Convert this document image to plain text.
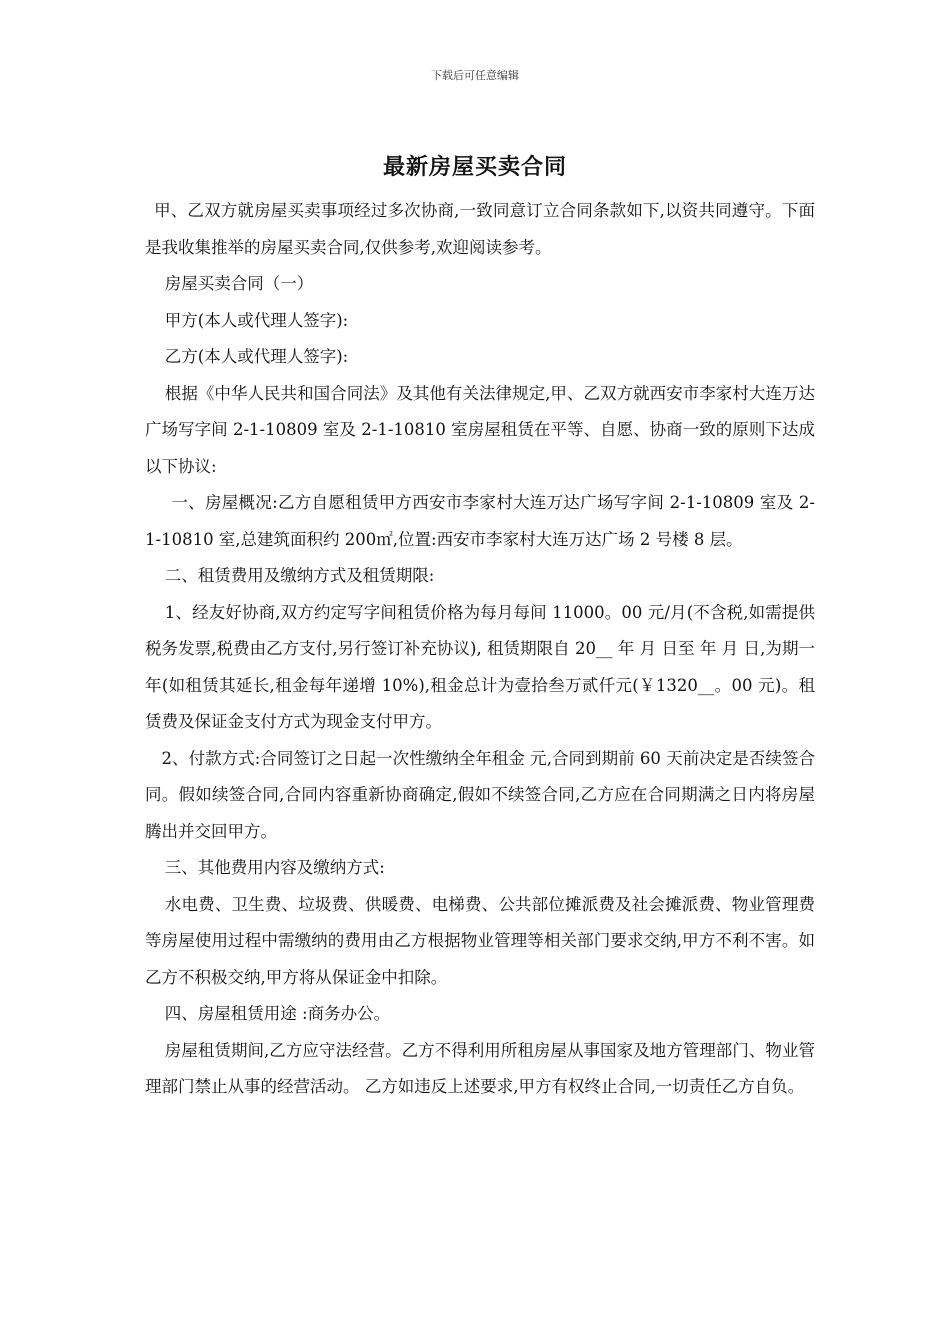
下载后可任意编辑
最新房屋买卖合同

甲、乙双方就房屋买卖事项经过多次协商,一致同意订立合同条款如下,以资共同遵守。下面是我收集推举的房屋买卖合同,仅供参考,欢迎阅读参考。

房屋买卖合同（一）

甲方(本人或代理人签字):

乙方(本人或代理人签字):

根据《中华人民共和国合同法》及其他有关法律规定,甲、乙双方就西安市李家村大连万达广场写字间 2-1-10809 室及 2-1-10810 室房屋租赁在平等、自愿、协商一致的原则下达成以下协议:

一、房屋概况:乙方自愿租赁甲方西安市李家村大连万达广场写字间 2-1-10809 室及 2-1-10810 室,总建筑面积约 200㎡,位置:西安市李家村大连万达广场 2 号楼 8 层。

二、租赁费用及缴纳方式及租赁期限:

1、经友好协商,双方约定写字间租赁价格为每月每间 11000。00 元/月(不含税,如需提供税务发票,税费由乙方支付,另行签订补充协议), 租赁期限自 20__ 年 月 日至 年 月 日,为期一年(如租赁其延长,租金每年递增 10%),租金总计为壹拾叁万贰仟元(￥1320__。00 元)。租赁费及保证金支付方式为现金支付甲方。

2、付款方式:合同签订之日起一次性缴纳全年租金 元,合同到期前 60 天前决定是否续签合同。假如续签合同,合同内容重新协商确定,假如不续签合同,乙方应在合同期满之日内将房屋腾出并交回甲方。

三、其他费用内容及缴纳方式:

水电费、卫生费、垃圾费、供暖费、电梯费、公共部位摊派费及社会摊派费、物业管理费等房屋使用过程中需缴纳的费用由乙方根据物业管理等相关部门要求交纳,甲方不利不害。如乙方不积极交纳,甲方将从保证金中扣除。

四、房屋租赁用途 :商务办公。

房屋租赁期间,乙方应守法经营。乙方不得利用所租房屋从事国家及地方管理部门、物业管理部门禁止从事的经营活动。 乙方如违反上述要求,甲方有权终止合同,一切责任乙方自负。
